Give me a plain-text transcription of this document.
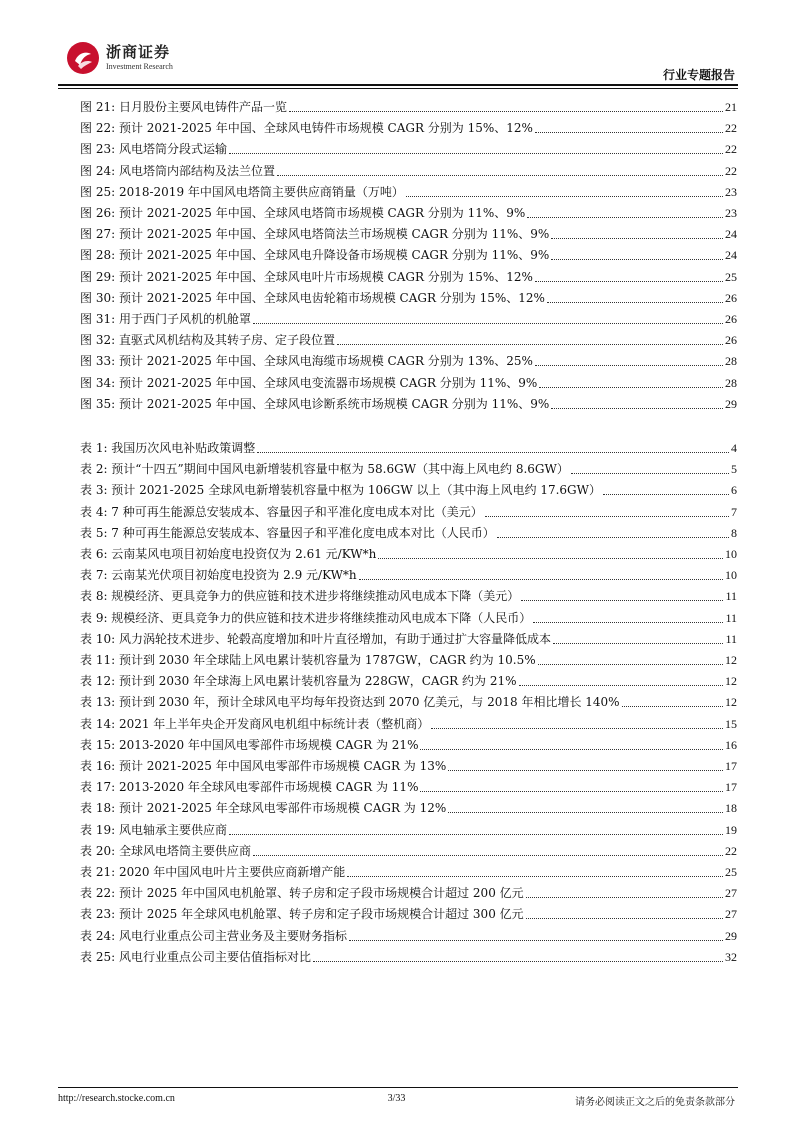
浙商证券
Investment Research
行业专题报告
图 21: 日月股份主要风电铸件产品一览	21
图 22: 预计 2021-2025 年中国、全球风电铸件市场规模 CAGR 分别为 15%、12%	22
图 23: 风电塔筒分段式运输	22
图 24: 风电塔筒内部结构及法兰位置	22
图 25: 2018-2019 年中国风电塔筒主要供应商销量（万吨）	23
图 26: 预计 2021-2025 年中国、全球风电塔筒市场规模 CAGR 分别为 11%、9%	23
图 27: 预计 2021-2025 年中国、全球风电塔筒法兰市场规模 CAGR 分别为 11%、9%	24
图 28: 预计 2021-2025 年中国、全球风电升降设备市场规模 CAGR 分别为 11%、9%	24
图 29: 预计 2021-2025 年中国、全球风电叶片市场规模 CAGR 分别为 15%、12%	25
图 30: 预计 2021-2025 年中国、全球风电齿轮箱市场规模 CAGR 分别为 15%、12%	26
图 31: 用于西门子风机的机舱罩	26
图 32: 直驱式风机结构及其转子房、定子段位置	26
图 33: 预计 2021-2025 年中国、全球风电海缆市场规模 CAGR 分别为 13%、25%	28
图 34: 预计 2021-2025 年中国、全球风电变流器市场规模 CAGR 分别为 11%、9%	28
图 35: 预计 2021-2025 年中国、全球风电诊断系统市场规模 CAGR 分别为 11%、9%	29
表 1: 我国历次风电补贴政策调整	4
表 2: 预计“十四五”期间中国风电新增装机容量中枢为 58.6GW（其中海上风电约 8.6GW）	5
表 3: 预计 2021-2025 全球风电新增装机容量中枢为 106GW 以上（其中海上风电约 17.6GW）	6
表 4: 7 种可再生能源总安装成本、容量因子和平准化度电成本对比（美元）	7
表 5: 7 种可再生能源总安装成本、容量因子和平准化度电成本对比（人民币）	8
表 6: 云南某风电项目初始度电投资仅为 2.61 元/KW*h	10
表 7: 云南某光伏项目初始度电投资为 2.9 元/KW*h	10
表 8: 规模经济、更具竞争力的供应链和技术进步将继续推动风电成本下降（美元）	11
表 9: 规模经济、更具竞争力的供应链和技术进步将继续推动风电成本下降（人民币）	11
表 10: 风力涡轮技术进步、轮毂高度增加和叶片直径增加，有助于通过扩大容量降低成本	11
表 11: 预计到 2030 年全球陆上风电累计装机容量为 1787GW，CAGR 约为 10.5%	12
表 12: 预计到 2030 年全球海上风电累计装机容量为 228GW，CAGR 约为 21%	12
表 13: 预计到 2030 年，预计全球风电平均每年投资达到 2070 亿美元，与 2018 年相比增长 140%	12
表 14: 2021 年上半年央企开发商风电机组中标统计表（整机商）	15
表 15: 2013-2020 年中国风电零部件市场规模 CAGR 为 21%	16
表 16: 预计 2021-2025 年中国风电零部件市场规模 CAGR 为 13%	17
表 17: 2013-2020 年全球风电零部件市场规模 CAGR 为 11%	17
表 18: 预计 2021-2025 年全球风电零部件市场规模 CAGR 为 12%	18
表 19: 风电轴承主要供应商	19
表 20: 全球风电塔筒主要供应商	22
表 21: 2020 年中国风电叶片主要供应商新增产能	25
表 22: 预计 2025 年中国风电机舱罩、转子房和定子段市场规模合计超过 200 亿元	27
表 23: 预计 2025 年全球风电机舱罩、转子房和定子段市场规模合计超过 300 亿元	27
表 24: 风电行业重点公司主营业务及主要财务指标	29
表 25: 风电行业重点公司主要估值指标对比	32
http://research.stocke.com.cn	3/33	请务必阅读正文之后的免责条款部分
